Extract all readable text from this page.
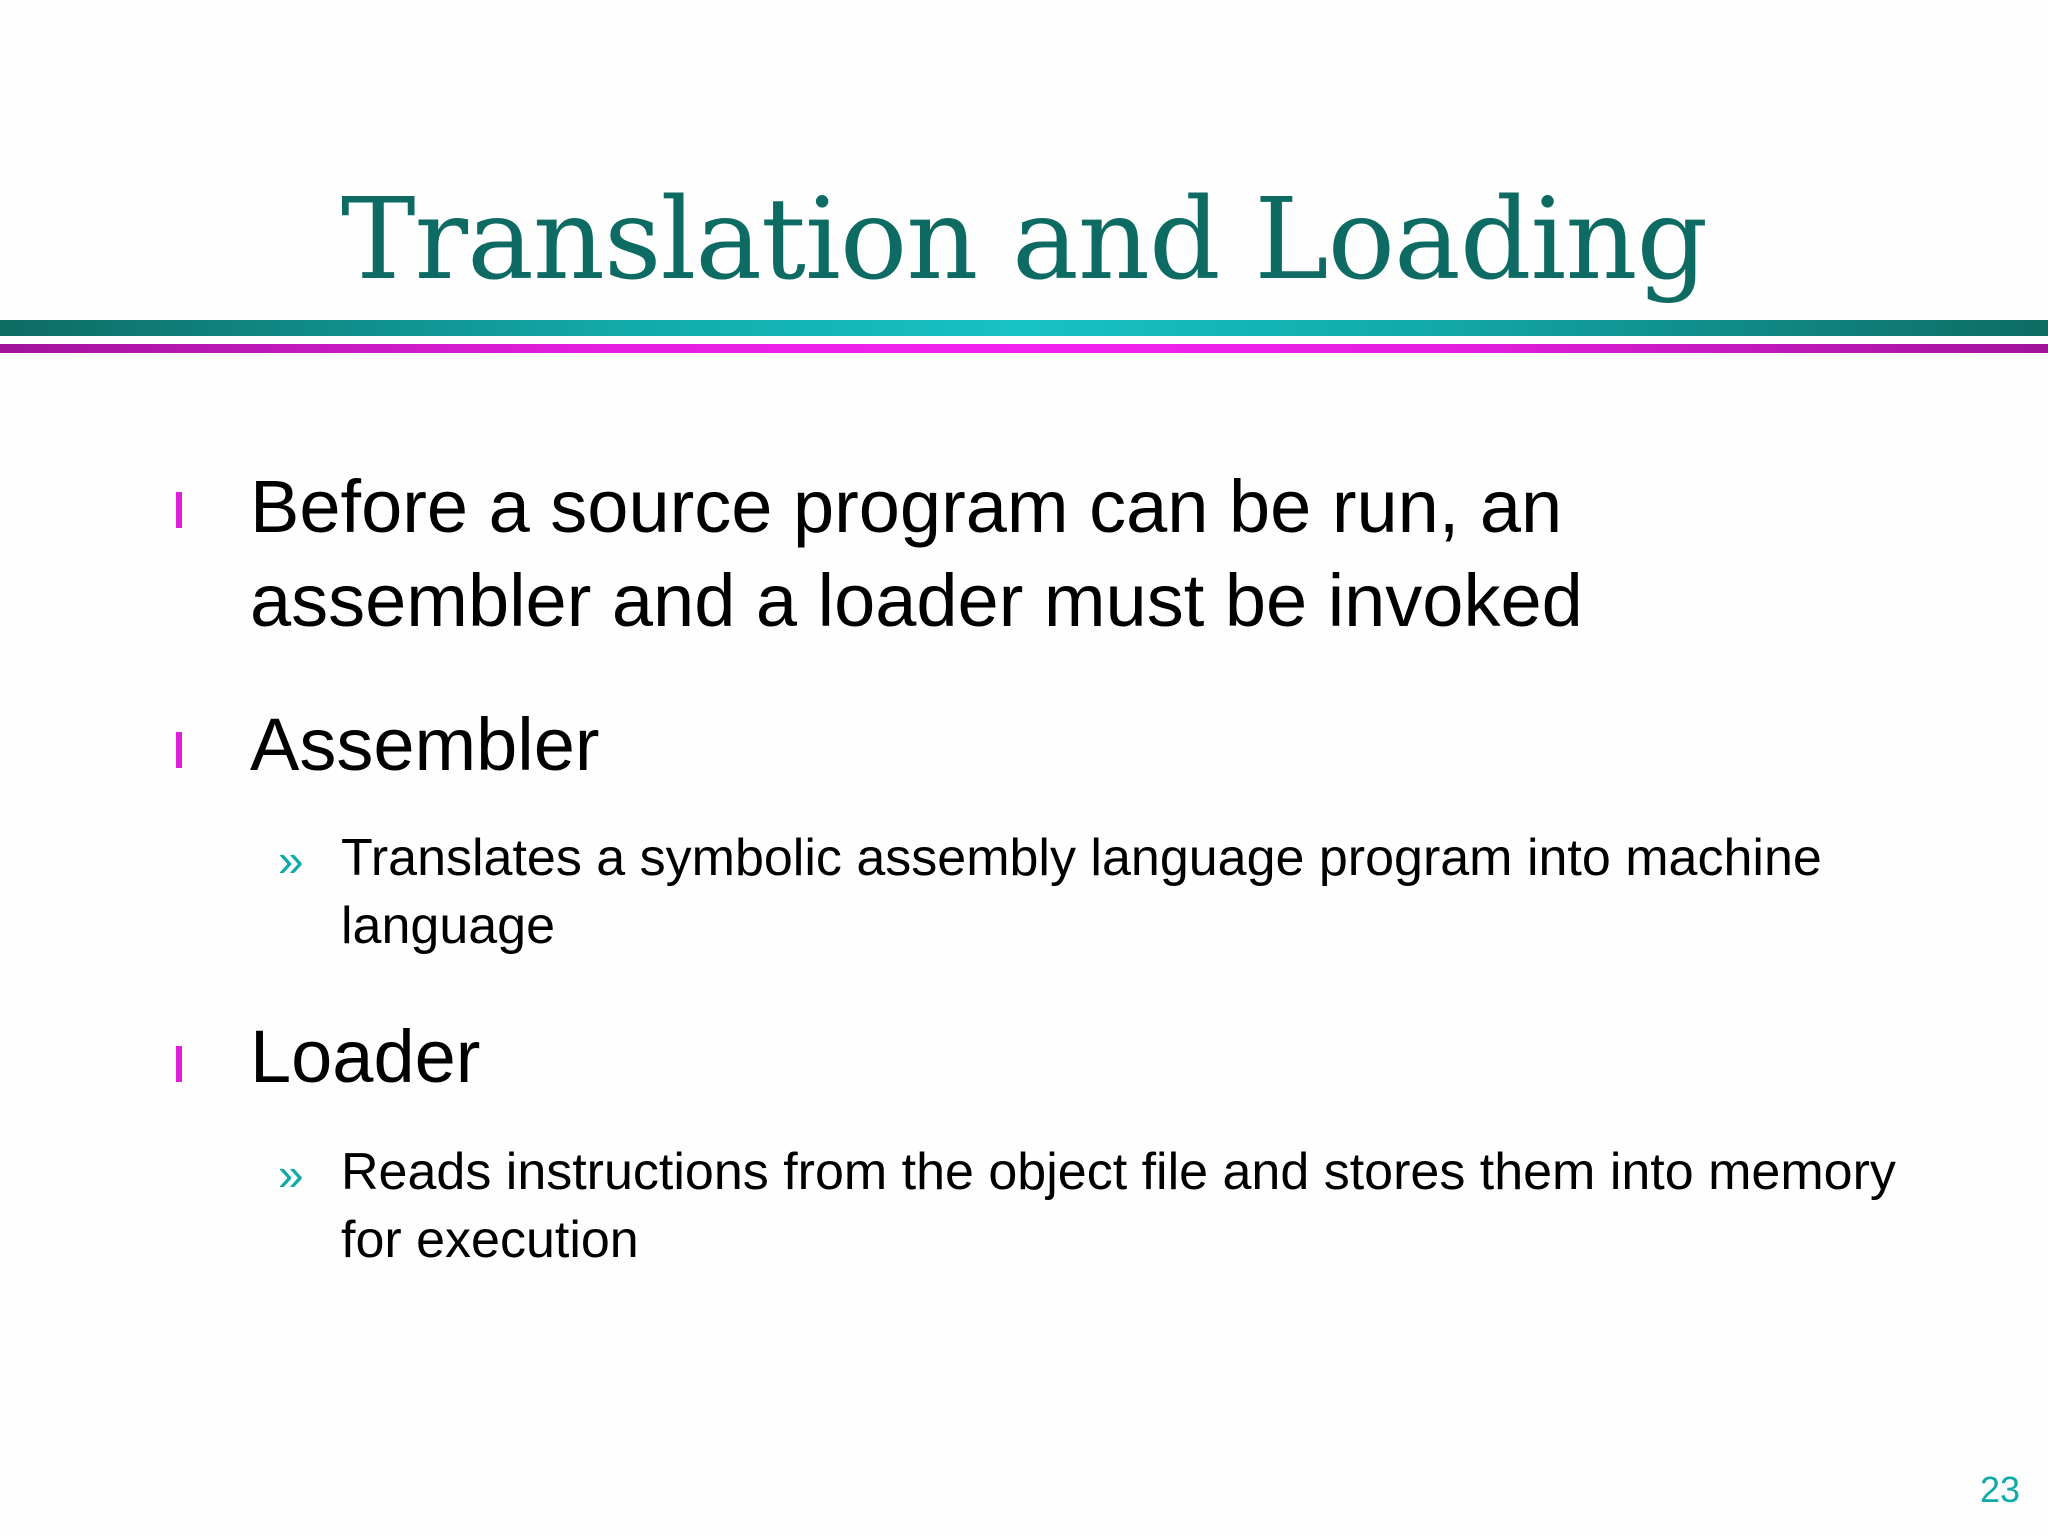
Translation and Loading
Before a source program can be run, an assembler and a loader must be invoked
Assembler
» Translates a symbolic assembly language program into machine language
Loader
» Reads instructions from the object file and stores them into memory for execution
23
